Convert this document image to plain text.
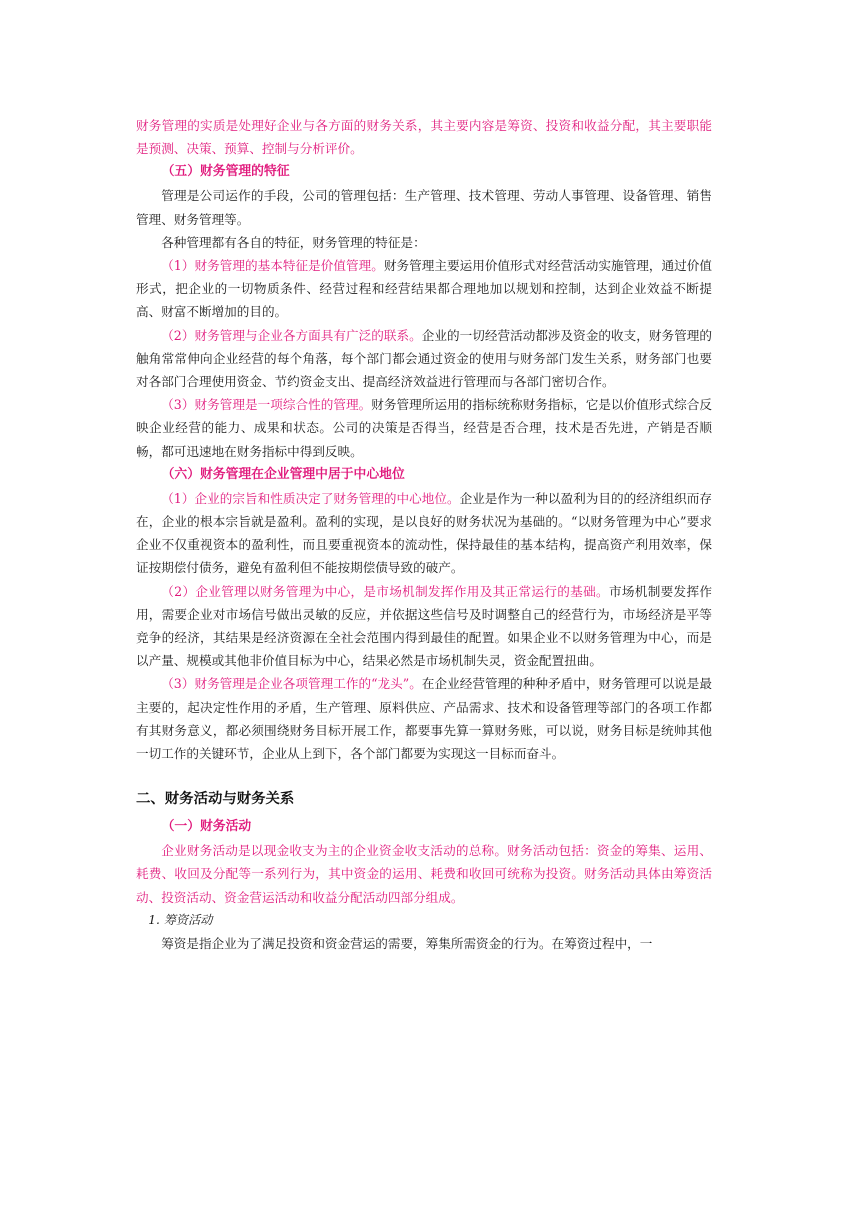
财务管理的实质是处理好企业与各方面的财务关系，其主要内容是筹资、投资和收益分配，其主要职能是预测、决策、预算、控制与分析评价。

（五）财务管理的特征

管理是公司运作的手段，公司的管理包括：生产管理、技术管理、劳动人事管理、设备管理、销售管理、财务管理等。

各种管理都有各自的特征，财务管理的特征是：

（1）财务管理的基本特征是价值管理。财务管理主要运用价值形式对经营活动实施管理，通过价值形式，把企业的一切物质条件、经营过程和经营结果都合理地加以规划和控制，达到企业效益不断提高、财富不断增加的目的。

（2）财务管理与企业各方面具有广泛的联系。企业的一切经营活动都涉及资金的收支，财务管理的触角常常伸向企业经营的每个角落，每个部门都会通过资金的使用与财务部门发生关系，财务部门也要对各部门合理使用资金、节约资金支出、提高经济效益进行管理而与各部门密切合作。

（3）财务管理是一项综合性的管理。财务管理所运用的指标统称财务指标，它是以价值形式综合反映企业经营的能力、成果和状态。公司的决策是否得当，经营是否合理，技术是否先进，产销是否顺畅，都可迅速地在财务指标中得到反映。

（六）财务管理在企业管理中居于中心地位

（1）企业的宗旨和性质决定了财务管理的中心地位。企业是作为一种以盈利为目的的经济组织而存在，企业的根本宗旨就是盈利。盈利的实现，是以良好的财务状况为基础的。“以财务管理为中心”要求企业不仅重视资本的盈利性，而且要重视资本的流动性，保持最佳的基本结构，提高资产利用效率，保证按期偿付债务，避免有盈利但不能按期偿债导致的破产。

（2）企业管理以财务管理为中心，是市场机制发挥作用及其正常运行的基础。市场机制要发挥作用，需要企业对市场信号做出灵敏的反应，并依据这些信号及时调整自己的经营行为，市场经济是平等竞争的经济，其结果是经济资源在全社会范围内得到最佳的配置。如果企业不以财务管理为中心，而是以产量、规模或其他非价值目标为中心，结果必然是市场机制失灵，资金配置扭曲。

（3）财务管理是企业各项管理工作的“龙头”。在企业经营管理的种种矛盾中，财务管理可以说是最主要的，起决定性作用的矛盾，生产管理、原料供应、产品需求、技术和设备管理等部门的各项工作都有其财务意义，都必须围绕财务目标开展工作，都要事先算一算财务账，可以说，财务目标是统帅其他一切工作的关键环节，企业从上到下，各个部门都要为实现这一目标而奋斗。

二、财务活动与财务关系
（一）财务活动

企业财务活动是以现金收支为主的企业资金收支活动的总称。财务活动包括：资金的筹集、运用、耗费、收回及分配等一系列行为，其中资金的运用、耗费和收回可统称为投资。财务活动具体由筹资活动、投资活动、资金营运活动和收益分配活动四部分组成。

1. 筹资活动

筹资是指企业为了满足投资和资金营运的需要，筹集所需资金的行为。在筹资过程中，一
